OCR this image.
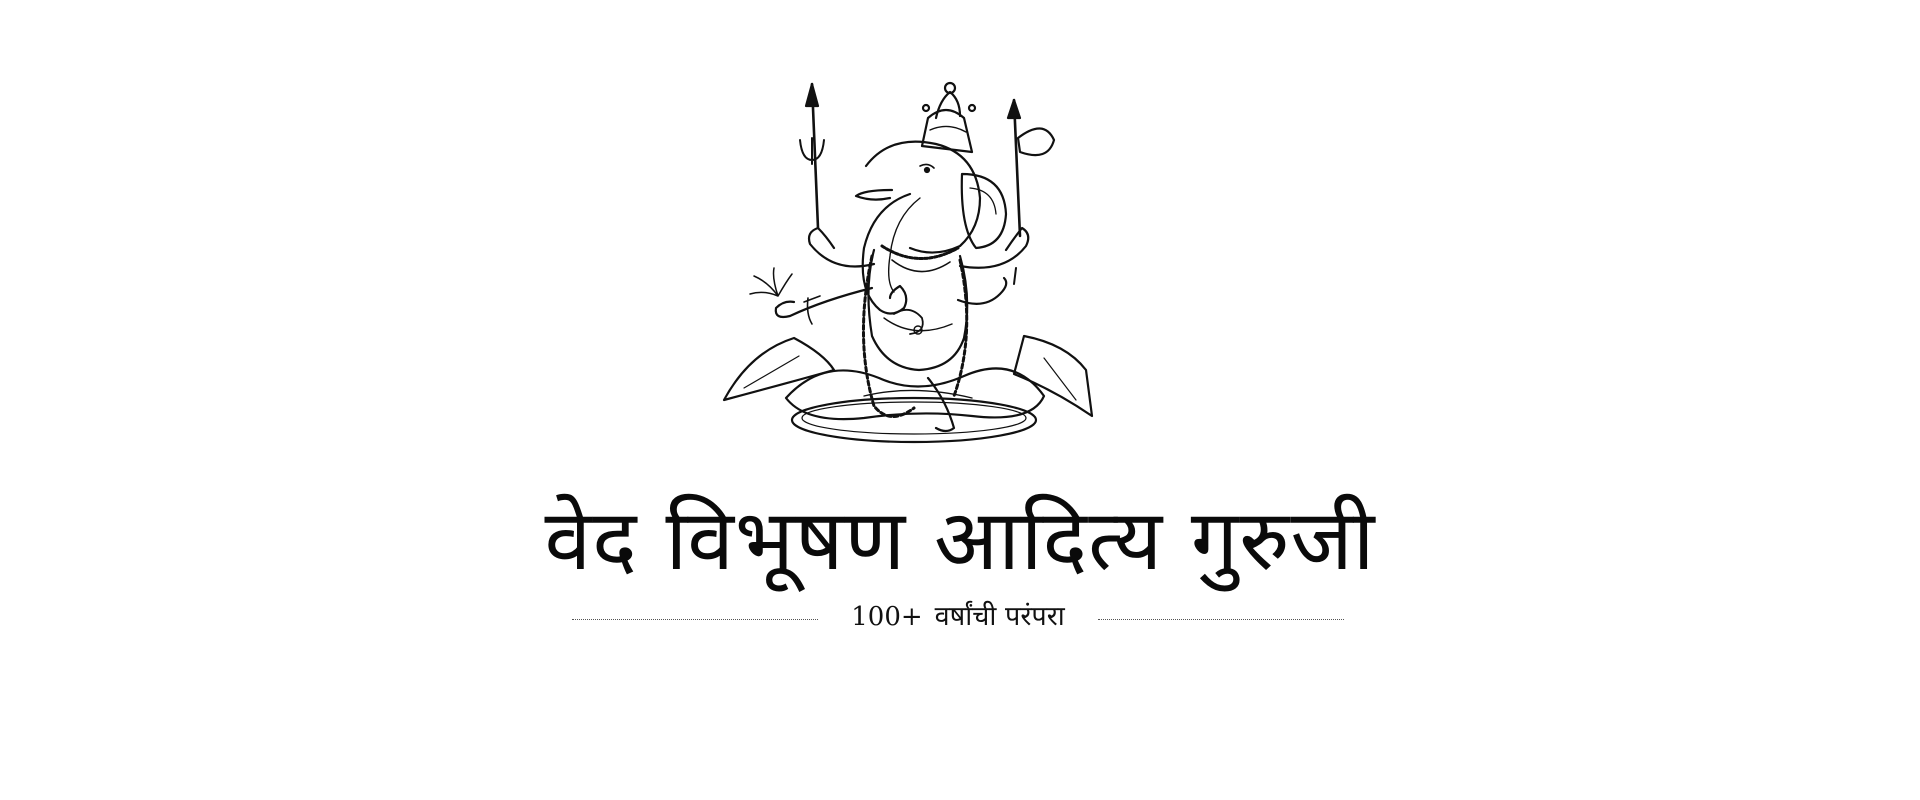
वेद विभूषण आदित्य गुरुजी
100+ वर्षांची परंपरा
